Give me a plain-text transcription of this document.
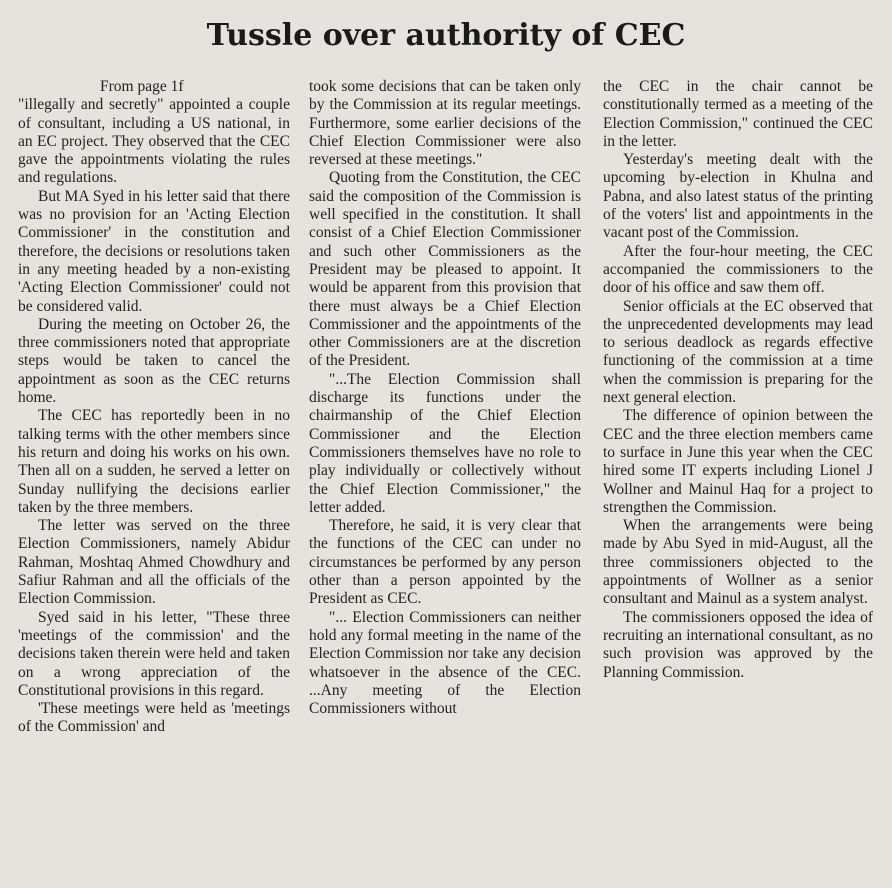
Tussle over authority of CEC

From page 1f

"illegally and secretly" appointed a couple of consultant, including a US national, in an EC project. They observed that the CEC gave the appointments violating the rules and regulations.

But MA Syed in his letter said that there was no provision for an 'Acting Election Commissioner' in the constitution and therefore, the decisions or resolutions taken in any meeting headed by a non-existing 'Acting Election Commissioner' could not be considered valid.

During the meeting on October 26, the three commissioners noted that appropriate steps would be taken to cancel the appointment as soon as the CEC returns home.

The CEC has reportedly been in no talking terms with the other members since his return and doing his works on his own. Then all on a sudden, he served a letter on Sunday nullifying the decisions earlier taken by the three members.

The letter was served on the three Election Commissioners, namely Abidur Rahman, Moshtaq Ahmed Chowdhury and Safiur Rahman and all the officials of the Election Commission.

Syed said in his letter, "These three 'meetings of the commission' and the decisions taken therein were held and taken on a wrong appreciation of the Constitutional provisions in this regard.

'These meetings were held as 'meetings of the Commission' and

took some decisions that can be taken only by the Commission at its regular meetings. Furthermore, some earlier decisions of the Chief Election Commissioner were also reversed at these meetings."

Quoting from the Constitution, the CEC said the composition of the Commission is well specified in the constitution. It shall consist of a Chief Election Commissioner and such other Commissioners as the President may be pleased to appoint. It would be apparent from this provision that there must always be a Chief Election Commissioner and the appointments of the other Commissioners are at the discretion of the President.

"...The Election Commission shall discharge its functions under the chairmanship of the Chief Election Commissioner and the Election Commissioners themselves have no role to play individually or collectively without the Chief Election Commissioner," the letter added.

Therefore, he said, it is very clear that the functions of the CEC can under no circumstances be performed by any person other than a person appointed by the President as CEC.

"... Election Commissioners can neither hold any formal meeting in the name of the Election Commission nor take any decision whatsoever in the absence of the CEC. ...Any meeting of the Election Commissioners without

the CEC in the chair cannot be constitutionally termed as a meeting of the Election Commission," continued the CEC in the letter.

Yesterday's meeting dealt with the upcoming by-election in Khulna and Pabna, and also latest status of the printing of the voters' list and appointments in the vacant post of the Commission.

After the four-hour meeting, the CEC accompanied the commissioners to the door of his office and saw them off.

Senior officials at the EC observed that the unprecedented developments may lead to serious deadlock as regards effective functioning of the commission at a time when the commission is preparing for the next general election.

The difference of opinion between the CEC and the three election members came to surface in June this year when the CEC hired some IT experts including Lionel J Wollner and Mainul Haq for a project to strengthen the Commission.

When the arrangements were being made by Abu Syed in mid-August, all the three commissioners objected to the appointments of Wollner as a senior consultant and Mainul as a system analyst.

The commissioners opposed the idea of recruiting an international consultant, as no such provision was approved by the Planning Commission.
